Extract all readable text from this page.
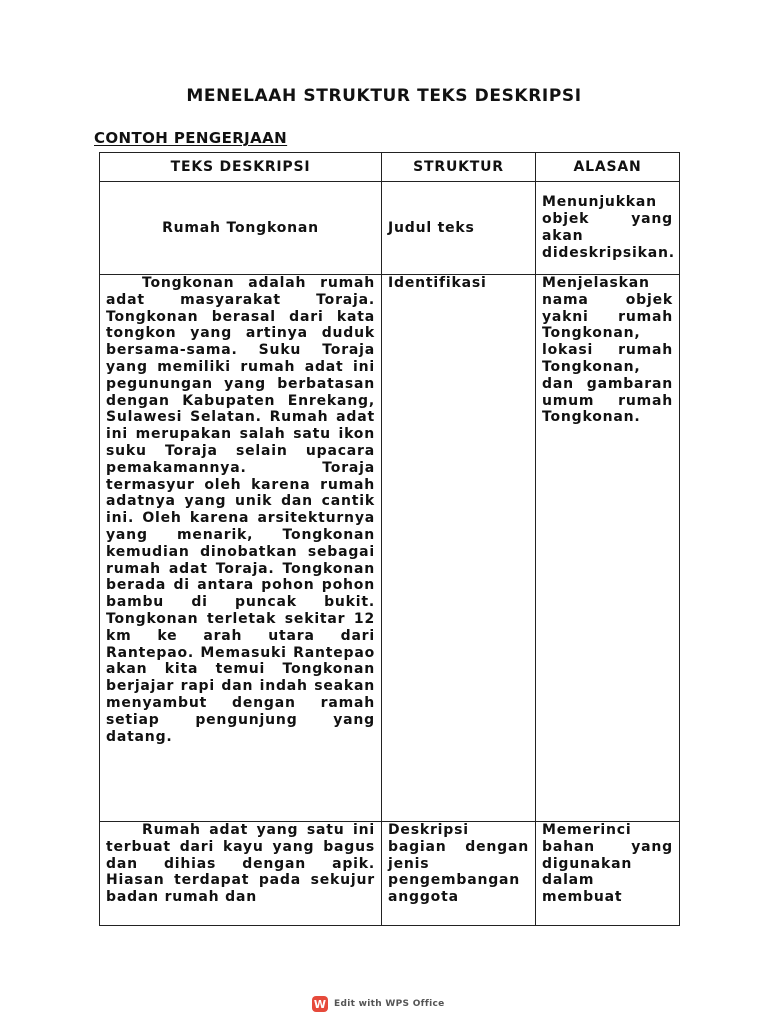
MENELAAH STRUKTUR TEKS DESKRIPSI
CONTOH PENGERJAAN
TEKS DESKRIPSI	STRUKTUR	ALASAN
Rumah Tongkonan	Judul teks	Menunjukkan objek yang akan dideskripsikan.
Tongkonan adalah rumah adat masyarakat Toraja. Tongkonan berasal dari kata tongkon yang artinya duduk bersama-sama. Suku Toraja yang memiliki rumah adat ini pegunungan yang berbatasan dengan Kabupaten Enrekang, Sulawesi Selatan. Rumah adat ini merupakan salah satu ikon suku Toraja selain upacara pemakamannya. Toraja termasyur oleh karena rumah adatnya yang unik dan cantik ini. Oleh karena arsitekturnya yang menarik, Tongkonan kemudian dinobatkan sebagai rumah adat Toraja. Tongkonan berada di antara pohon pohon bambu di puncak bukit. Tongkonan terletak sekitar 12 km ke arah utara dari Rantepao. Memasuki Rantepao akan kita temui Tongkonan berjajar rapi dan indah seakan menyambut dengan ramah setiap pengunjung yang datang.	Identifikasi	Menjelaskan nama objek yakni rumah Tongkonan, lokasi rumah Tongkonan, dan gambaran umum rumah Tongkonan.
Rumah adat yang satu ini terbuat dari kayu yang bagus dan dihias dengan apik. Hiasan terdapat pada sekujur badan rumah dan	Deskripsi bagian dengan jenis pengembangan anggota	Memerinci bahan yang digunakan dalam membuat
W Edit with WPS Office
